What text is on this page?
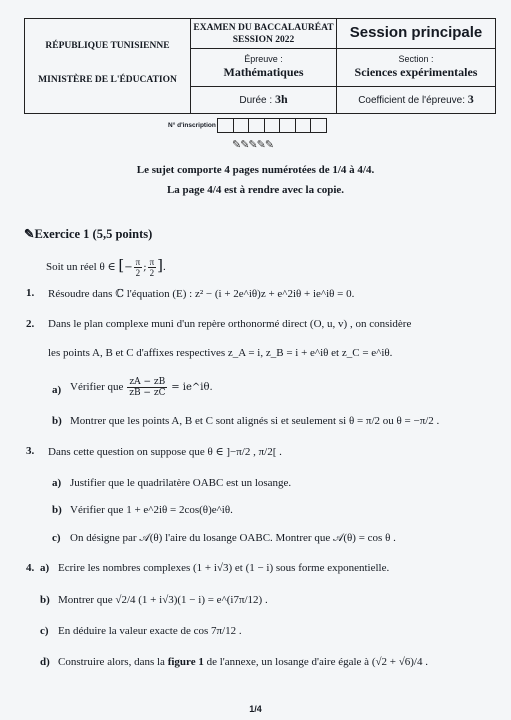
RÉPUBLIQUE TUNISIENNE
MINISTÈRE DE L'ÉDUCATION
EXAMEN DU BACCALAURÉAT
SESSION 2022	Session principale
Épreuve :
Mathématiques
Section :
Sciences expérimentales
Durée : 3h	Coefficient de l'épreuve: 3
N° d'inscription
✎✎✎✎✎
Le sujet comporte 4 pages numérotées de 1/4 à 4/4.
La page 4/4 est à rendre avec la copie.
✎Exercice 1 (5,5 points)
Soit un réel θ ∈ [− $\frac{\pi}{2}$ ; $\frac{\pi}{2}$ ].
1. Résoudre dans ℂ l'équation (E) : z² − (i + 2e^iθ)z + e^2iθ + ie^iθ = 0.
2. Dans le plan complexe muni d'un repère orthonormé direct (O, u, v) , on considère
les points A, B et C d'affixes respectives z_A = i, z_B = i + e^iθ et z_C = e^iθ.
a) Vérifier que $\frac{zA - zB}{zB - zC}$ = ie^iθ.
b) Montrer que les points A, B et C sont alignés si et seulement si θ = π/2 ou θ = −π/2 .
3. Dans cette question on suppose que θ ∈ ]−π/2 , π/2[ .
a) Justifier que le quadrilatère OABC est un losange.
b) Vérifier que 1 + e^2iθ = 2cos(θ)e^iθ.
c) On désigne par 𝒜(θ) l'aire du losange OABC. Montrer que 𝒜(θ) = cos θ .
4. a) Ecrire les nombres complexes (1 + i√3) et (1 − i) sous forme exponentielle.
b) Montrer que √2/4 (1 + i√3)(1 − i) = e^(i7π/12) .
c) En déduire la valeur exacte de cos 7π/12 .
d) Construire alors, dans la figure 1 de l'annexe, un losange d'aire égale à (√2 + √6)/4 .
1/4
